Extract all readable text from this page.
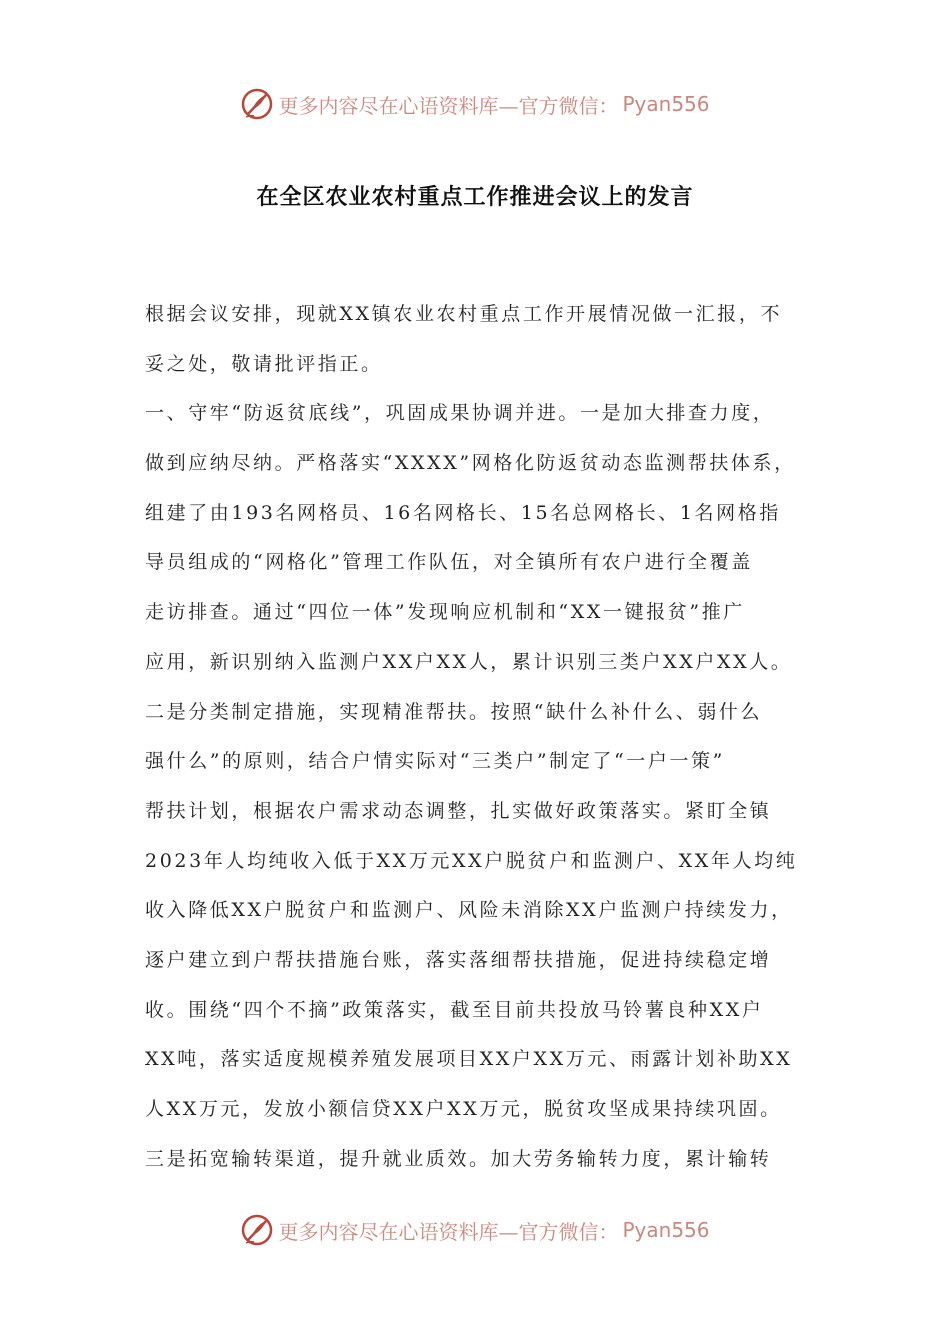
更多内容尽在心语资料库—官方微信： Pyan556
在全区农业农村重点工作推进会议上的发言
根据会议安排，现就XX镇农业农村重点工作开展情况做一汇报，不
妥之处，敬请批评指正。
一、守牢“防返贫底线”，巩固成果协调并进。一是加大排查力度，
做到应纳尽纳。严格落实“XXXX”网格化防返贫动态监测帮扶体系，
组建了由193名网格员、16名网格长、15名总网格长、1名网格指
导员组成的“网格化”管理工作队伍，对全镇所有农户进行全覆盖
走访排查。通过“四位一体”发现响应机制和“XX一键报贫”推广
应用，新识别纳入监测户XX户XX人，累计识别三类户XX户XX人。
二是分类制定措施，实现精准帮扶。按照“缺什么补什么、弱什么
强什么”的原则，结合户情实际对“三类户”制定了“一户一策”
帮扶计划，根据农户需求动态调整，扎实做好政策落实。紧盯全镇
2023年人均纯收入低于XX万元XX户脱贫户和监测户、XX年人均纯
收入降低XX户脱贫户和监测户、风险未消除XX户监测户持续发力，
逐户建立到户帮扶措施台账，落实落细帮扶措施，促进持续稳定增
收。围绕“四个不摘”政策落实，截至目前共投放马铃薯良种XX户
XX吨，落实适度规模养殖发展项目XX户XX万元、雨露计划补助XX
人XX万元，发放小额信贷XX户XX万元，脱贫攻坚成果持续巩固。
三是拓宽输转渠道，提升就业质效。加大劳务输转力度，累计输转
更多内容尽在心语资料库—官方微信： Pyan556
